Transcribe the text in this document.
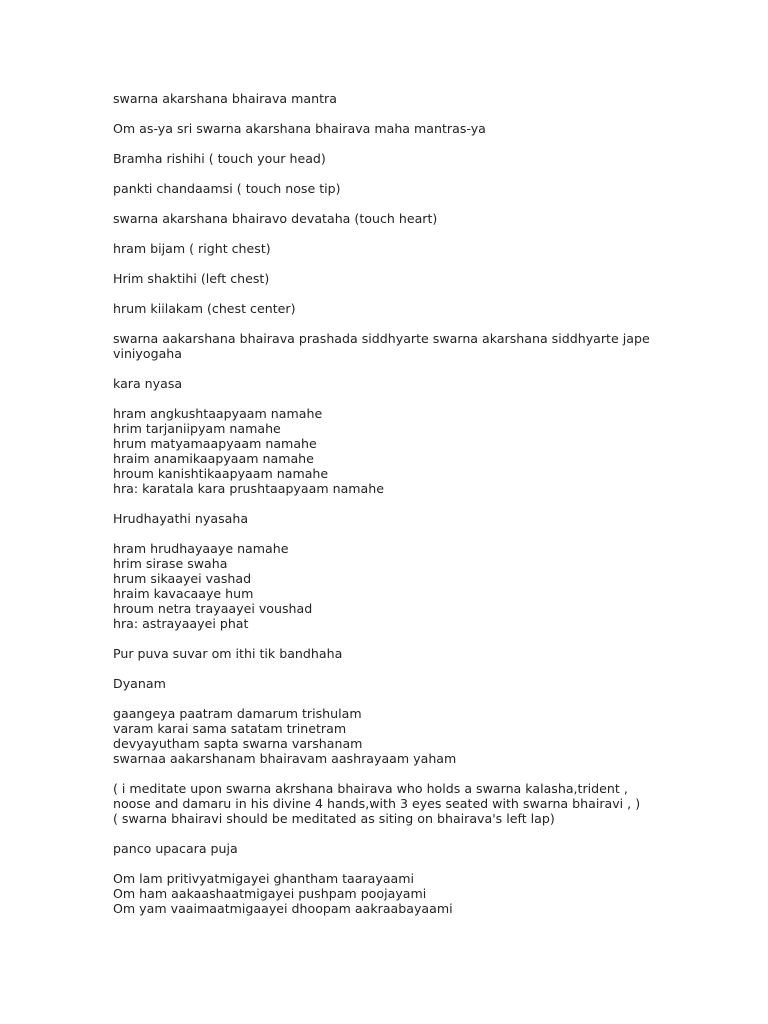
swarna akarshana bhairava mantra
Om as-ya sri swarna akarshana bhairava maha mantras-ya
Bramha rishihi ( touch your head)
pankti chandaamsi ( touch nose tip)
swarna akarshana bhairavo devataha (touch heart)
hram bijam ( right chest)
Hrim shaktihi (left chest)
hrum kiilakam (chest center)
swarna aakarshana bhairava prashada siddhyarte swarna akarshana siddhyarte jape
viniyogaha
kara nyasa
hram angkushtaapyaam namahe
hrim tarjaniipyam namahe
hrum matyamaapyaam namahe
hraim anamikaapyaam namahe
hroum kanishtikaapyaam namahe
hra: karatala kara prushtaapyaam namahe
Hrudhayathi nyasaha
hram hrudhayaaye namahe
hrim sirase swaha
hrum sikaayei vashad
hraim kavacaaye hum
hroum netra trayaayei voushad
hra: astrayaayei phat
Pur puva suvar om ithi tik bandhaha
Dyanam
gaangeya paatram damarum trishulam
varam karai sama satatam trinetram
devyayutham sapta swarna varshanam
swarnaa aakarshanam bhairavam aashrayaam yaham
( i meditate upon swarna akrshana bhairava who holds a swarna kalasha,trident ,
noose and damaru in his divine 4 hands,with 3 eyes seated with swarna bhairavi , )
( swarna bhairavi should be meditated as siting on bhairava's left lap)
panco upacara puja
Om lam pritivyatmigayei ghantham taarayaami
Om ham aakaashaatmigayei pushpam poojayami
Om yam vaaimaatmigaayei dhoopam aakraabayaami
